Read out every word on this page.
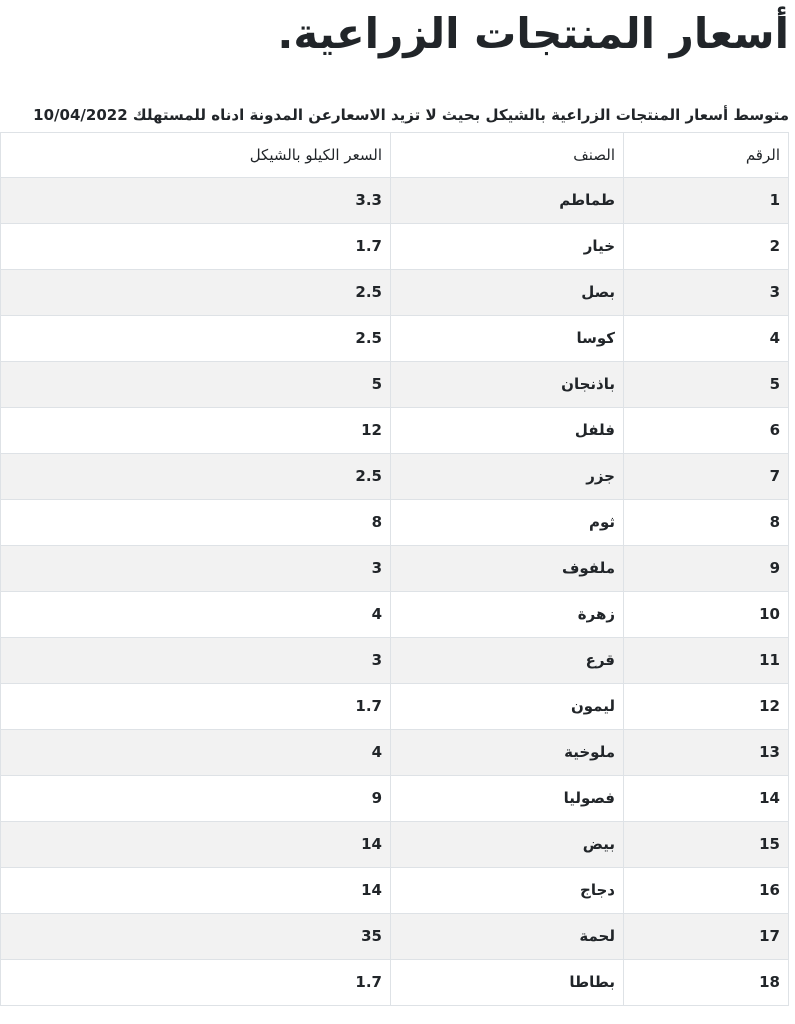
أسعار المنتجات الزراعية.

متوسط أسعار المنتجات الزراعية بالشيكل بحيث لا تزيد الاسعارعن المدونة ادناه للمستهلك 10/04/2022

الرقم	الصنف	السعر الكيلو بالشيكل
1	طماطم	3.3
2	خيار	1.7
3	بصل	2.5
4	كوسا	2.5
5	باذنجان	5
6	فلفل	12
7	جزر	2.5
8	ثوم	8
9	ملفوف	3
10	زهرة	4
11	قرع	3
12	ليمون	1.7
13	ملوخية	4
14	فصوليا	9
15	بيض	14
16	دجاج	14
17	لحمة	35
18	بطاطا	1.7
